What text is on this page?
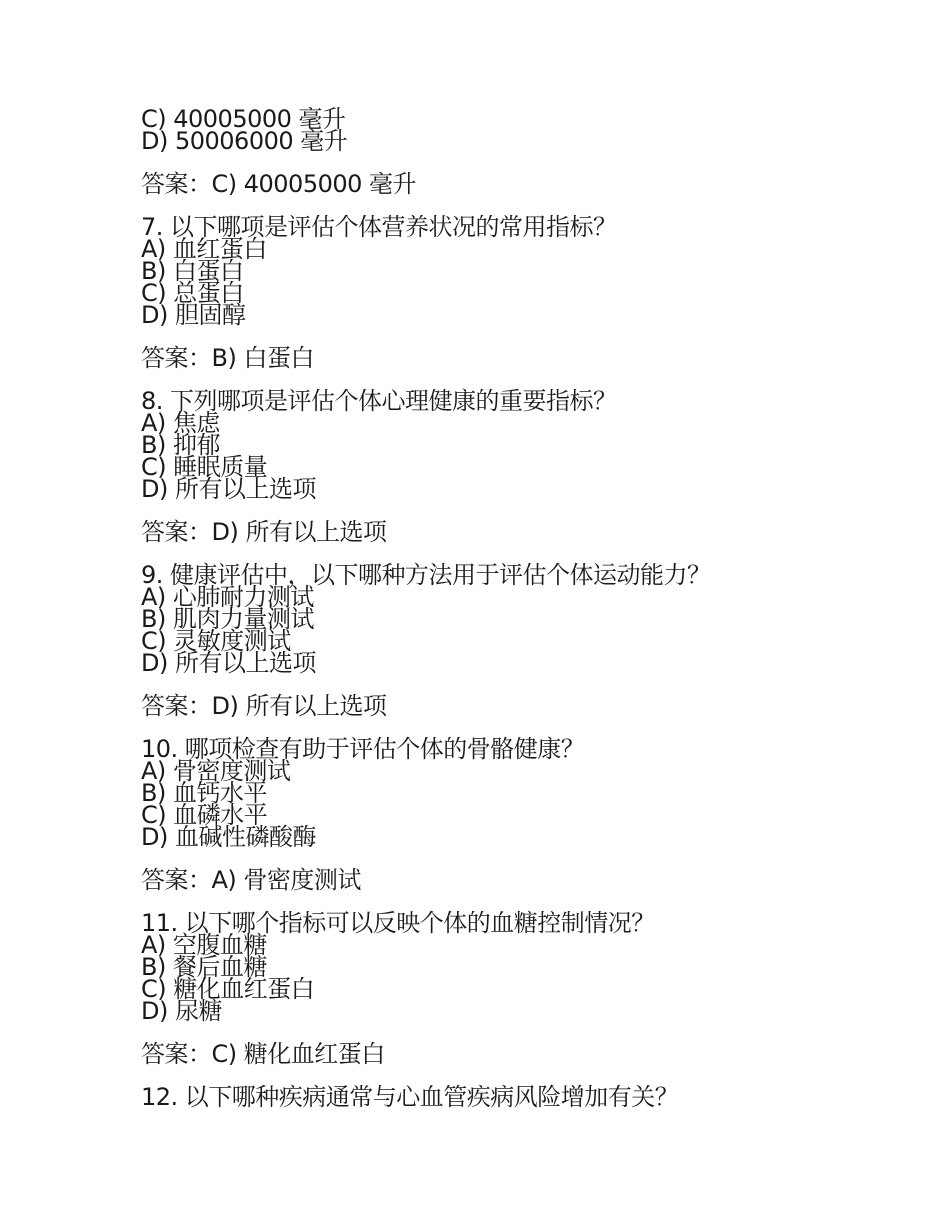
C) 40005000 毫升
D) 50006000 毫升
答案：C) 40005000 毫升
7. 以下哪项是评估个体营养状况的常用指标？
A) 血红蛋白
B) 白蛋白
C) 总蛋白
D) 胆固醇
答案：B) 白蛋白
8. 下列哪项是评估个体心理健康的重要指标？
A) 焦虑
B) 抑郁
C) 睡眠质量
D) 所有以上选项
答案：D) 所有以上选项
9. 健康评估中，以下哪种方法用于评估个体运动能力？
A) 心肺耐力测试
B) 肌肉力量测试
C) 灵敏度测试
D) 所有以上选项
答案：D) 所有以上选项
10. 哪项检查有助于评估个体的骨骼健康？
A) 骨密度测试
B) 血钙水平
C) 血磷水平
D) 血碱性磷酸酶
答案：A) 骨密度测试
11. 以下哪个指标可以反映个体的血糖控制情况？
A) 空腹血糖
B) 餐后血糖
C) 糖化血红蛋白
D) 尿糖
答案：C) 糖化血红蛋白
12. 以下哪种疾病通常与心血管疾病风险增加有关？
